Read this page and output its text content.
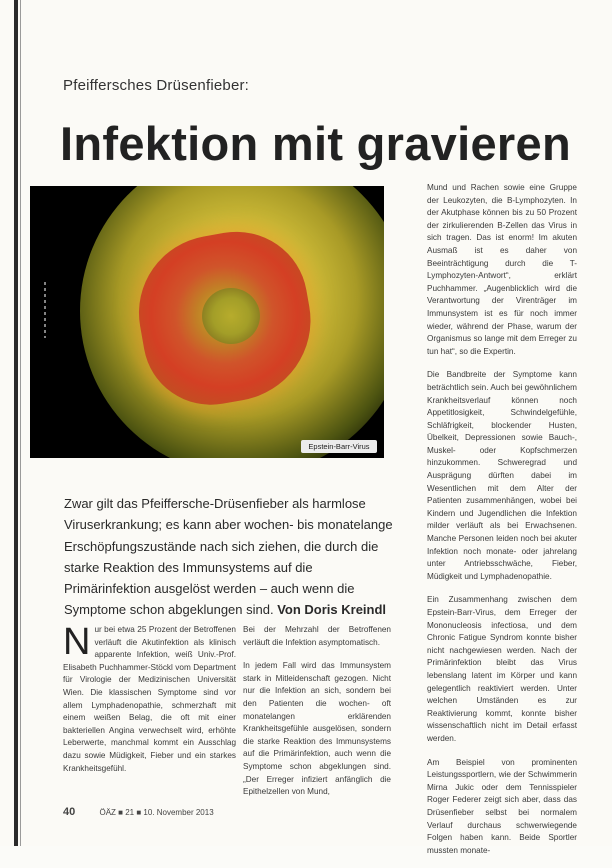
Pfeiffersches Drüsenfieber:
Infektion mit gravieren
Epstein-Barr-Virus
Zwar gilt das Pfeiffersche-Drüsenfieber als harmlose Viruserkrankung; es kann aber wochen- bis monatelange Erschöpfungszustände nach sich ziehen, die durch die starke Reaktion des Immunsystems auf die Primärinfektion ausgelöst werden – auch wenn die Symptome schon abgeklungen sind. Von Doris Kreindl
N ur bei etwa 25 Prozent der Betroffenen verläuft die Akutinfektion als klinisch apparente Infektion, weiß Univ.-Prof. Elisabeth Puchhammer-Stöckl vom Department für Virologie der Medizinischen Universität Wien. Die klassischen Symptome sind vor allem Lymphadenopathie, schmerzhaft mit einem weißen Belag, die oft mit einer bakteriellen Angina verwechselt wird, erhöhte Leberwerte, manchmal kommt ein Ausschlag dazu sowie Müdigkeit, Fieber und ein starkes Krankheitsgefühl.

Bei der Mehrzahl der Betroffenen verläuft die Infektion asymptomatisch.

In jedem Fall wird das Immunsystem stark in Mitleidenschaft gezogen. Nicht nur die Infektion an sich, sondern bei den Patienten die wochen- oft monatelangen erklärenden Krankheitsgefühle ausgelösen, sondern die starke Reaktion des Immunsystems auf die Primärinfektion, auch wenn die Symptome schon abgeklungen sind. „Der Erreger infiziert anfänglich die Epithelzellen von Mund,

Mund und Rachen sowie eine Gruppe der Leukozyten, die B-Lymphozyten. In der Akutphase können bis zu 50 Prozent der zirkulierenden B-Zellen das Virus in sich tragen. Das ist enorm! Im akuten Ausmaß ist es daher von Beeinträchtigung durch die T-Lymphozyten-Antwort“, erklärt Puchhammer. „Augenblicklich wird die Verantwortung der Virenträger im Immunsystem ist es für noch immer wieder, während der Phase, warum der Organismus so lange mit dem Erreger zu tun hat“, so die Expertin.

Die Bandbreite der Symptome kann beträchtlich sein. Auch bei gewöhnlichem Krankheitsverlauf können noch Appetitlosigkeit, Schwindelgefühle, Schläfrigkeit, blockender Husten, Übelkeit, Depressionen sowie Bauch-, Muskel- oder Kopfschmerzen hinzukommen. Schweregrad und Ausprägung dürften dabei im Wesentlichen mit dem Alter der Patienten zusammenhängen, wobei bei Kindern und Jugendlichen die Infektion milder verläuft als bei Erwachsenen. Manche Personen leiden noch bei akuter Infektion noch monate- oder jahrelang unter Antriebsschwäche, Fieber, Müdigkeit und Lymphadenopathie.

Ein Zusammenhang zwischen dem Epstein-Barr-Virus, dem Erreger der Mononucleosis infectiosa, und dem Chronic Fatigue Syndrom konnte bisher nicht nachgewiesen werden. Nach der Primärinfektion bleibt das Virus lebenslang latent im Körper und kann gelegentlich reaktiviert werden. Unter welchen Umständen es zur Reaktivierung kommt, konnte bisher wissenschaftlich nicht im Detail erfasst werden.

Am Beispiel von prominenten Leistungssportlern, wie der Schwimmerin Mirna Jukic oder dem Tennisspieler Roger Federer zeigt sich aber, dass das Drüsenfieber selbst bei normalem Verlauf durchaus schwerwiegende Folgen haben kann. Beide Sportler mussten monate-

40	ÖÄZ ■ 21 ■ 10. November 2013
